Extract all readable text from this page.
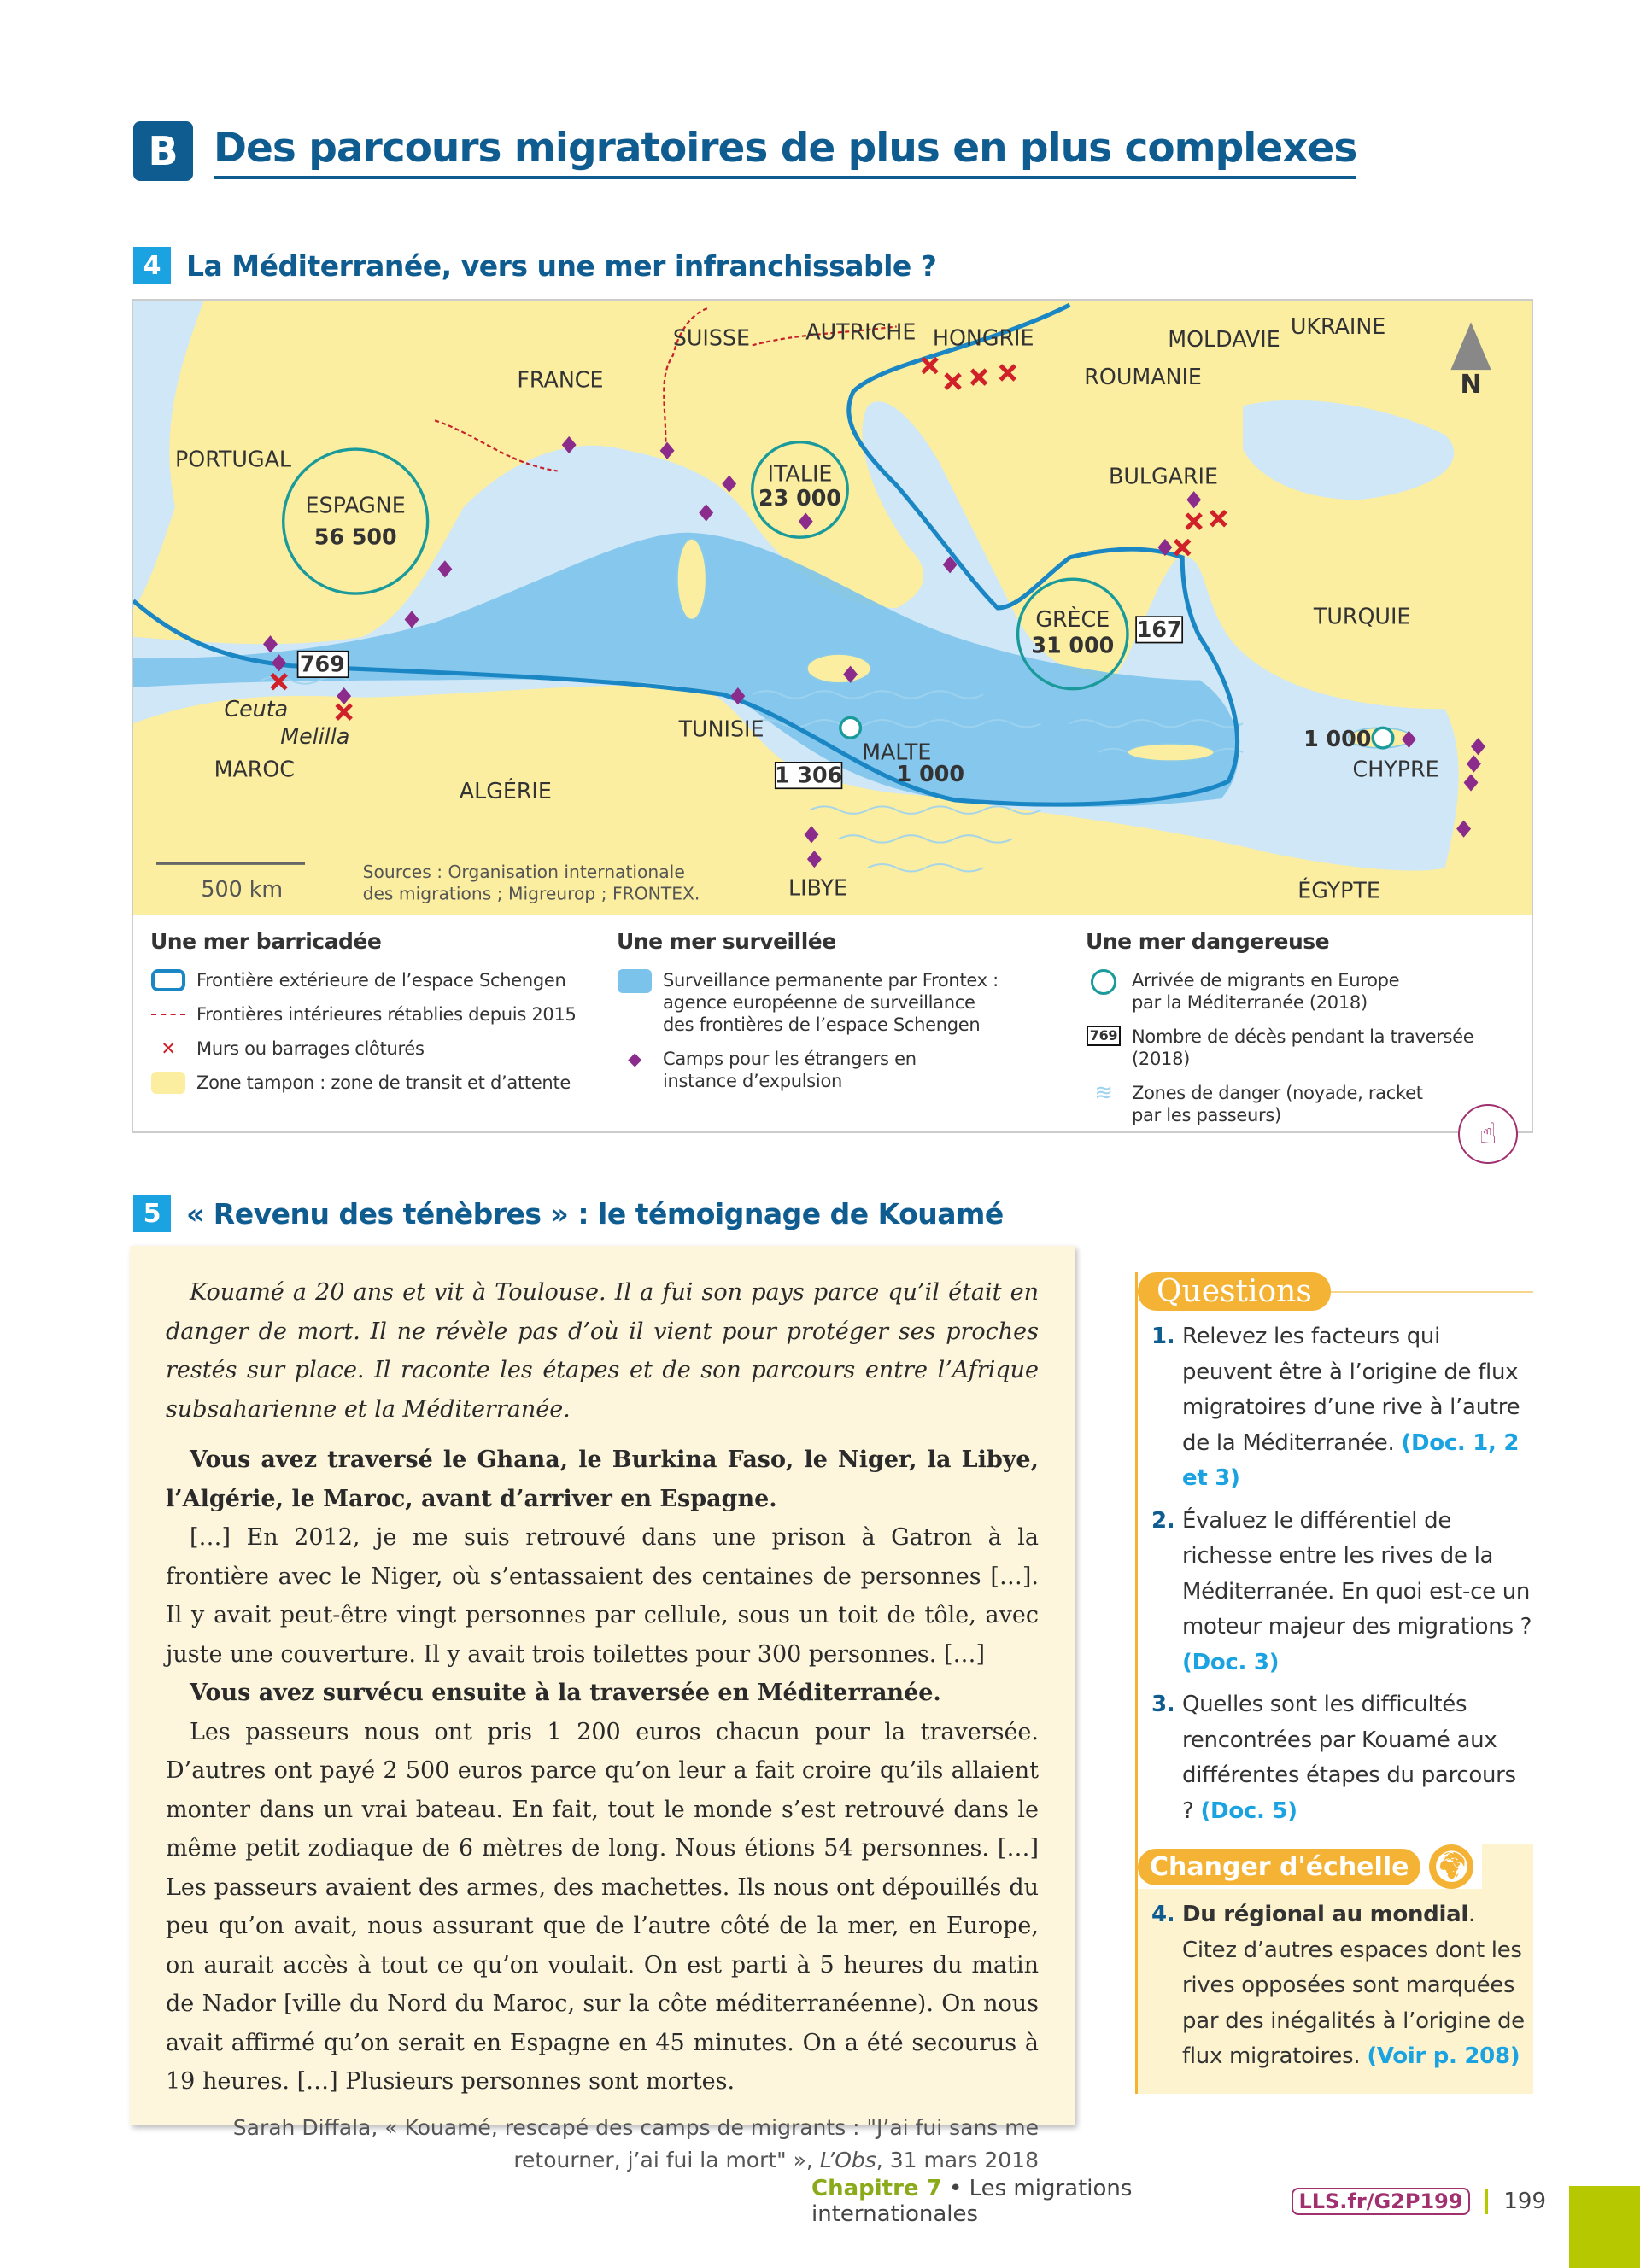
B Des parcours migratoires de plus en plus complexes
4 La Méditerranée, vers une mer infranchissable ?
769
167
1 306
PORTUGAL
FRANCE
SUISSE	AUTRICHE HONGRIE	MOLDAVIE
UKRAINE
ROUMANIE
BULGARIE
TURQUIE
MAROC
ALGÉRIE
TUNISIE
LIBYE	ÉGYPTE
CHYPRE
Ceuta
Melilla
ESPAGNE
56 500
ITALIE
23 000
GRÈCE
31 000
MALTE
1 000
1 000
500 km
Sources : Organisation internationale
des migrations ; Migreurop ; FRONTEX.
N
Une mer barricadée
Frontière extérieure de l’espace Schengen
Frontières intérieures rétablies depuis 2015
✕	Murs ou barrages clôturés
Zone tampon : zone de transit et d’attente
Une mer surveillée
Surveillance permanente par Frontex : agence européenne de surveillance des frontières de l’espace Schengen
◆	Camps pour les étrangers en instance d’expulsion
Une mer dangereuse
Arrivée de migrants en Europe par la Méditerranée (2018)
769 Nombre de décès pendant la traversée (2018)
≋	Zones de danger (noyade, racket par les passeurs)
☝
5 « Revenu des ténèbres » : le témoignage de Kouamé

Kouamé a 20 ans et vit à Toulouse. Il a fui son pays parce qu’il était en danger de mort. Il ne révèle pas d’où il vient pour protéger ses proches restés sur place. Il raconte les étapes et de son parcours entre l’Afrique subsaharienne et la Méditerranée.

Vous avez traversé le Ghana, le Burkina Faso, le Niger, la Libye, l’Algérie, le Maroc, avant d’arriver en Espagne.

[…] En 2012, je me suis retrouvé dans une prison à Gatron à la frontière avec le Niger, où s’entassaient des centaines de personnes […]. Il y avait peut-être vingt personnes par cellule, sous un toit de tôle, avec juste une couverture. Il y avait trois toilettes pour 300 personnes. […]

Vous avez survécu ensuite à la traversée en Méditerranée.

Les passeurs nous ont pris 1 200 euros chacun pour la traversée. D’autres ont payé 2 500 euros parce qu’on leur a fait croire qu’ils allaient monter dans un vrai bateau. En fait, tout le monde s’est retrouvé dans le même petit zodiaque de 6 mètres de long. Nous étions 54 personnes. […] Les passeurs avaient des armes, des machettes. Ils nous ont dépouillés du peu qu’on avait, nous assurant que de l’autre côté de la mer, en Europe, on aurait accès à tout ce qu’on voulait. On est parti à 5 heures du matin de Nador [ville du Nord du Maroc, sur la côte méditerranéenne). On nous avait affirmé qu’on serait en Espagne en 45 minutes. On a été secourus à 19 heures. […] Plusieurs personnes sont mortes.

Sarah Diffala, « Kouamé, rescapé des camps de migrants : "J’ai fui sans me retourner, j’ai fui la mort" », L’Obs, 31 mars 2018

Questions
1. Relevez les facteurs qui peuvent être à l’origine de flux migratoires d’une rive à l’autre de la Méditerranée. (Doc. 1, 2 et 3)
2. Évaluez le différentiel de richesse entre les rives de la Méditerranée. En quoi est-ce un moteur majeur des migrations ? (Doc. 3)
3. Quelles sont les difficultés rencontrées par Kouamé aux différentes étapes du parcours ? (Doc. 5)
Changer d'échelle 🌍︎
4. Du régional au mondial. Citez d’autres espaces dont les rives opposées sont marquées par des inégalités à l’origine de flux migratoires. (Voir p. 208)
Chapitre 7 • Les migrations internationales	LLS.fr/G2P199	199
